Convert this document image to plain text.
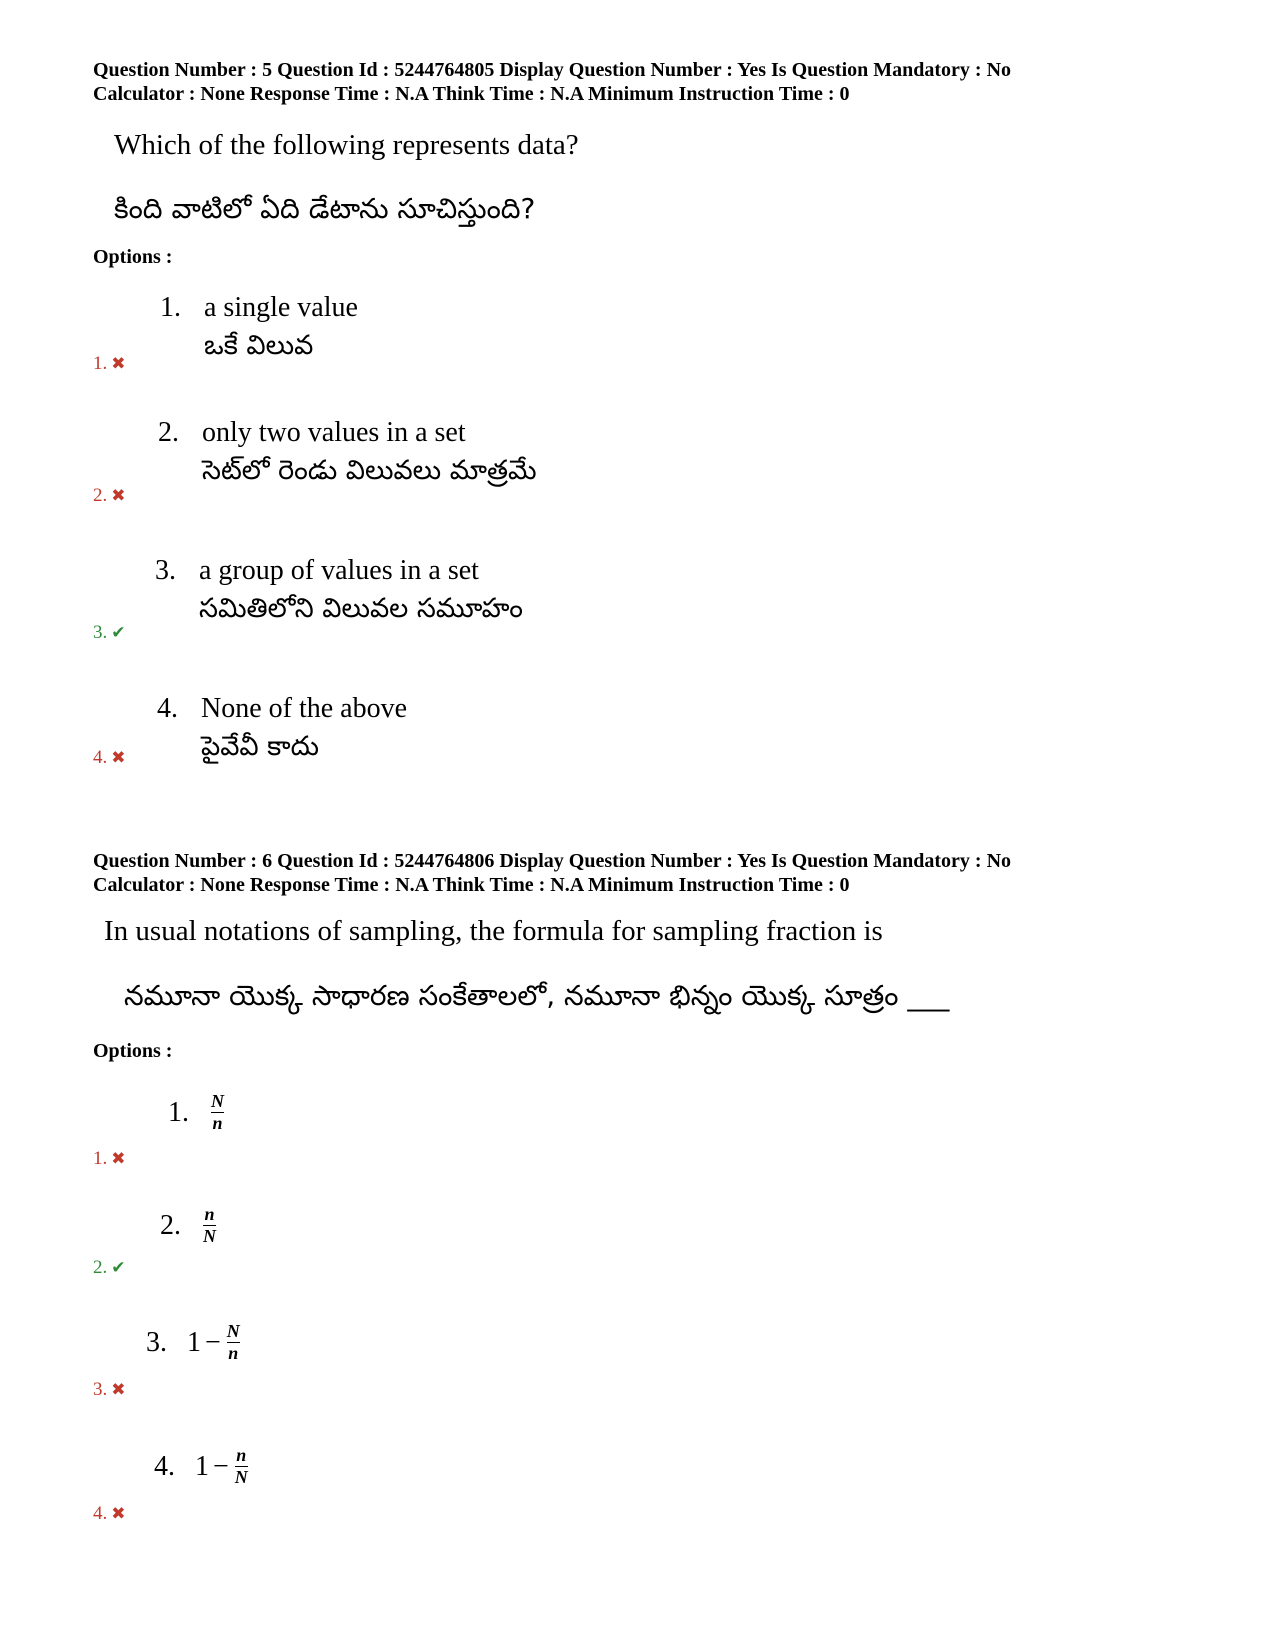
Question Number : 5 Question Id : 5244764805 Display Question Number : Yes Is Question Mandatory : No
Calculator : None Response Time : N.A Think Time : N.A Minimum Instruction Time : 0
Which of the following represents data?
కింది వాటిలో ఏది డేటాను సూచిస్తుంది?
Options :
1. ✖
1. a single value
ఒకే విలువ
2. ✖
2. only two values in a set
సెట్‌లో రెండు విలువలు మాత్రమే
3. ✔
3. a group of values in a set
సమితిలోని విలువల సమూహం
4. ✖
4. None of the above
పైవేవీ కాదు
Question Number : 6 Question Id : 5244764806 Display Question Number : Yes Is Question Mandatory : No
Calculator : None Response Time : N.A Think Time : N.A Minimum Instruction Time : 0
In usual notations of sampling, the formula for sampling fraction is
నమూనా యొక్క సాధారణ సంకేతాలలో, నమూనా భిన్నం యొక్క సూత్రం ___
Options :
1. ✖
1. $\frac{N}{n}$
2. ✔
2. $\frac{n}{N}$
3. ✖
3. $1 - \frac{N}{n}$
4. ✖
4. $1 - \frac{n}{N}$
